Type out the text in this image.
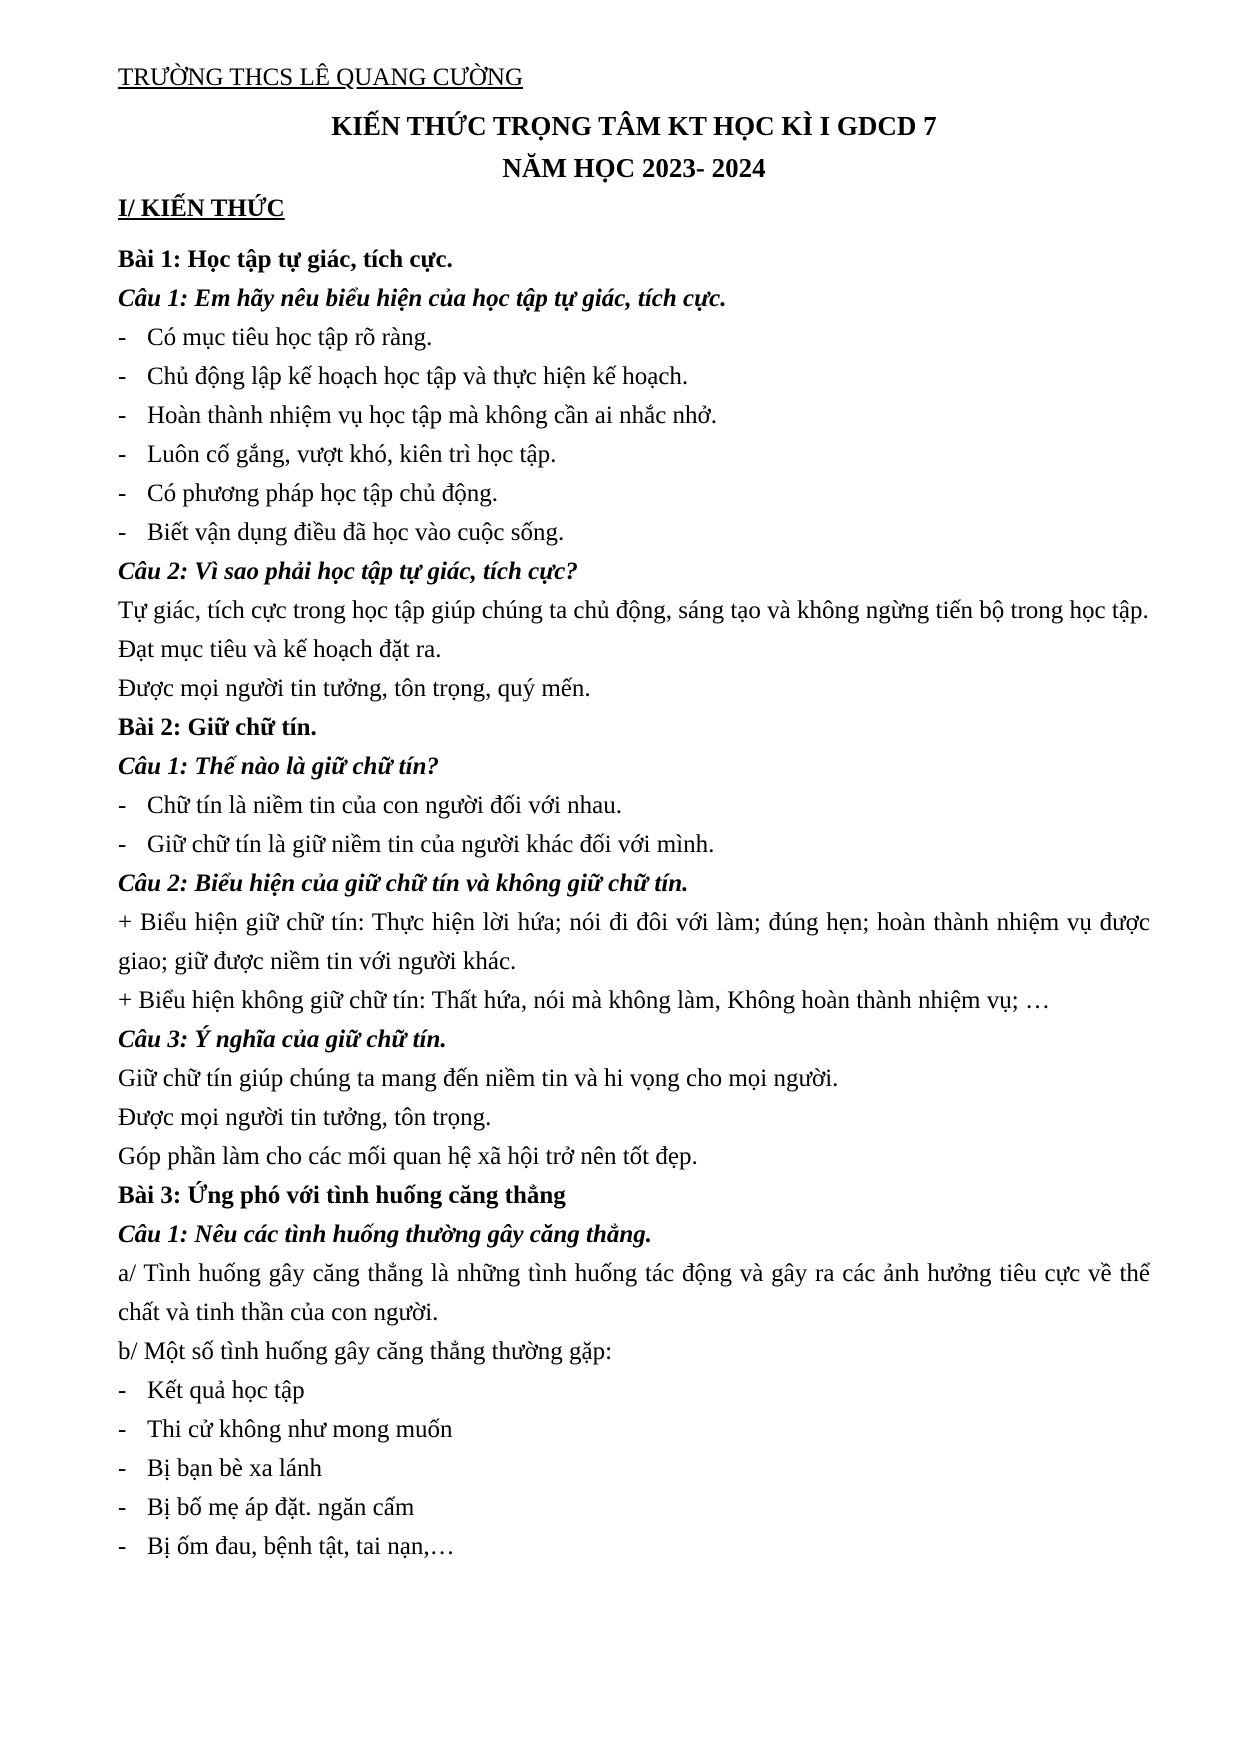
TRƯỜNG THCS LÊ QUANG CƯỜNG
KIẾN THỨC TRỌNG TÂM KT HỌC KÌ I GDCD 7
NĂM HỌC 2023- 2024
I/ KIẾN THỨC
Bài 1: Học tập tự giác, tích cực.
Câu 1: Em hãy nêu biểu hiện của học tập tự giác, tích cực.
- Có mục tiêu học tập rõ ràng.
- Chủ động lập kế hoạch học tập và thực hiện kế hoạch.
- Hoàn thành nhiệm vụ học tập mà không cần ai nhắc nhở.
- Luôn cố gắng, vượt khó, kiên trì học tập.
- Có phương pháp học tập chủ động.
- Biết vận dụng điều đã học vào cuộc sống.
Câu 2: Vì sao phải học tập tự giác, tích cực?
Tự giác, tích cực trong học tập giúp chúng ta chủ động, sáng tạo và không ngừng tiến bộ trong học tập.
Đạt mục tiêu và kế hoạch đặt ra.
Được mọi người tin tưởng, tôn trọng, quý mến.
Bài 2: Giữ chữ tín.
Câu 1: Thế nào là giữ chữ tín?
- Chữ tín là niềm tin của con người đối với nhau.
- Giữ chữ tín là giữ niềm tin của người khác đối với mình.
Câu 2: Biểu hiện của giữ chữ tín và không giữ chữ tín.
+ Biểu hiện giữ chữ tín: Thực hiện lời hứa; nói đi đôi với làm; đúng hẹn; hoàn thành nhiệm vụ được giao; giữ được niềm tin với người khác.
+ Biểu hiện không giữ chữ tín: Thất hứa, nói mà không làm, Không hoàn thành nhiệm vụ; …
Câu 3: Ý nghĩa của giữ chữ tín.
Giữ chữ tín giúp chúng ta mang đến niềm tin và hi vọng cho mọi người.
Được mọi người tin tưởng, tôn trọng.
Góp phần làm cho các mối quan hệ xã hội trở nên tốt đẹp.
Bài 3: Ứng phó với tình huống căng thẳng
Câu 1: Nêu các tình huống thường gây căng thẳng.
a/ Tình huống gây căng thẳng là những tình huống tác động và gây ra các ảnh hưởng tiêu cực về thể chất và tinh thần của con người.
b/ Một số tình huống gây căng thẳng thường gặp:
- Kết quả học tập
- Thi cử không như mong muốn
- Bị bạn bè xa lánh
- Bị bố mẹ áp đặt. ngăn cấm
- Bị ốm đau, bệnh tật, tai nạn,…
